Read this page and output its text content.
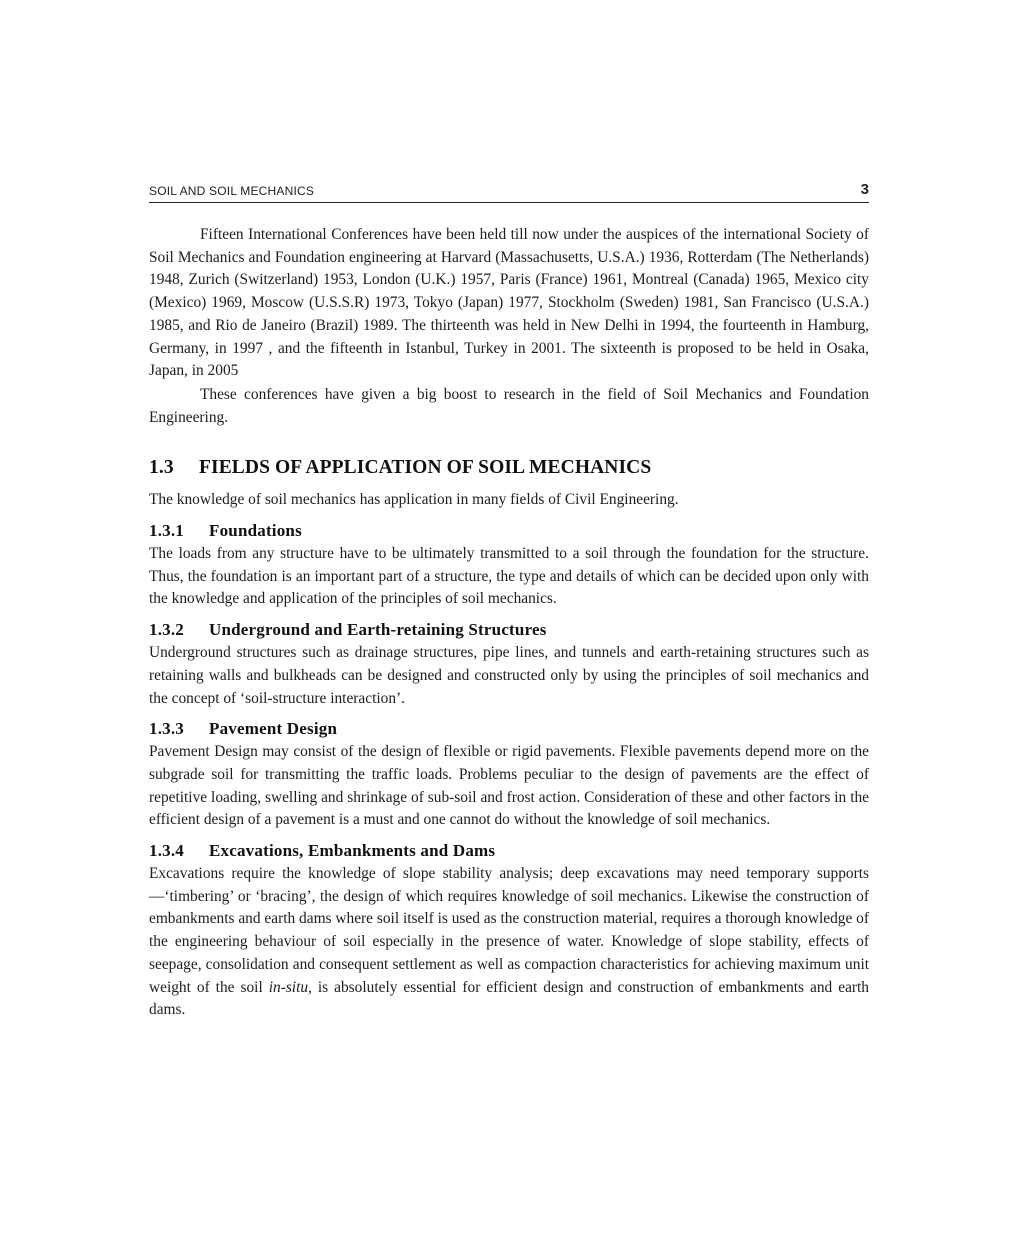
SOIL AND SOIL MECHANICS	3

Fifteen International Conferences have been held till now under the auspices of the international Society of Soil Mechanics and Foundation engineering at Harvard (Massachusetts, U.S.A.) 1936, Rotterdam (The Netherlands) 1948, Zurich (Switzerland) 1953, London (U.K.) 1957, Paris (France) 1961, Montreal (Canada) 1965, Mexico city (Mexico) 1969, Moscow (U.S.S.R) 1973, Tokyo (Japan) 1977, Stockholm (Sweden) 1981, San Francisco (U.S.A.) 1985, and Rio de Janeiro (Brazil) 1989. The thirteenth was held in New Delhi in 1994, the fourteenth in Hamburg, Germany, in 1997 , and the fifteenth in Istanbul, Turkey in 2001. The sixteenth is proposed to be held in Osaka, Japan, in 2005

These conferences have given a big boost to research in the field of Soil Mechanics and Foundation Engineering.

1.3 FIELDS OF APPLICATION OF SOIL MECHANICS

The knowledge of soil mechanics has application in many fields of Civil Engineering.

1.3.1 Foundations

The loads from any structure have to be ultimately transmitted to a soil through the foundation for the structure. Thus, the foundation is an important part of a structure, the type and details of which can be decided upon only with the knowledge and application of the principles of soil mechanics.

1.3.2 Underground and Earth-retaining Structures

Underground structures such as drainage structures, pipe lines, and tunnels and earth-retaining structures such as retaining walls and bulkheads can be designed and constructed only by using the principles of soil mechanics and the concept of ‘soil-structure interaction’.

1.3.3 Pavement Design

Pavement Design may consist of the design of flexible or rigid pavements. Flexible pavements depend more on the subgrade soil for transmitting the traffic loads. Problems peculiar to the design of pavements are the effect of repetitive loading, swelling and shrinkage of sub-soil and frost action. Consideration of these and other factors in the efficient design of a pavement is a must and one cannot do without the knowledge of soil mechanics.

1.3.4 Excavations, Embankments and Dams

Excavations require the knowledge of slope stability analysis; deep excavations may need temporary supports—‘timbering’ or ‘bracing’, the design of which requires knowledge of soil mechanics. Likewise the construction of embankments and earth dams where soil itself is used as the construction material, requires a thorough knowledge of the engineering behaviour of soil especially in the presence of water. Knowledge of slope stability, effects of seepage, consolidation and consequent settlement as well as compaction characteristics for achieving maximum unit weight of the soil in-situ, is absolutely essential for efficient design and construction of embankments and earth dams.
